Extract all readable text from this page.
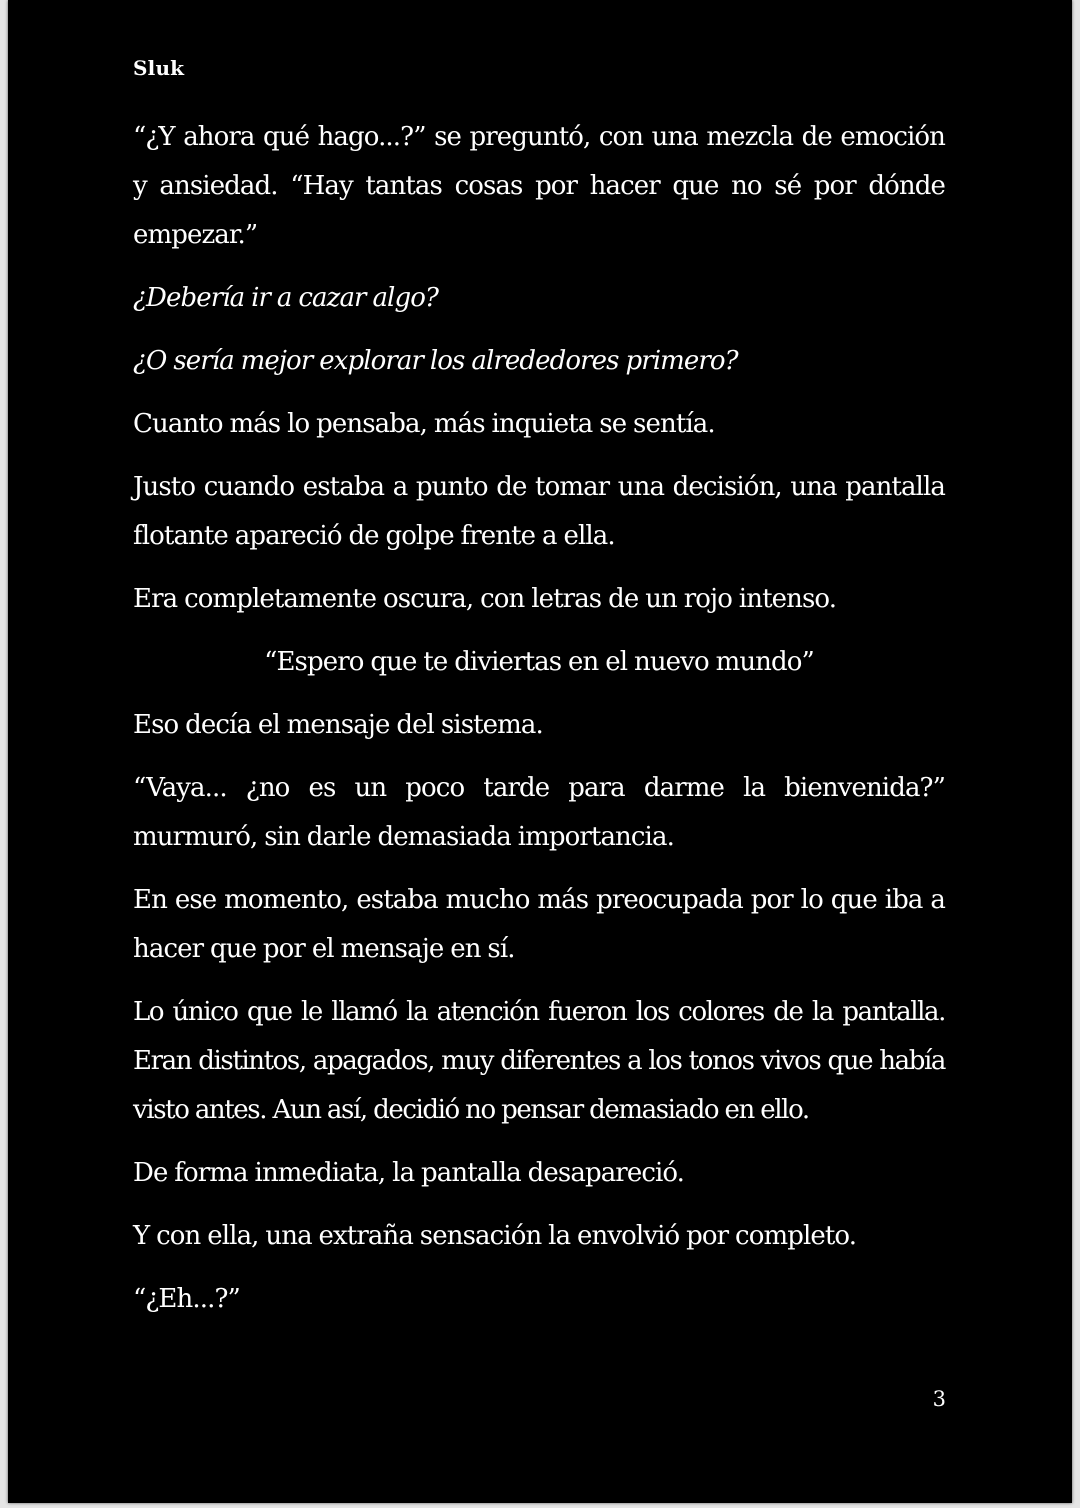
Sluk

“¿Y ahora qué hago...?” se preguntó, con una mezcla de emoción y ansiedad. “Hay tantas cosas por hacer que no sé por dónde empezar.”

¿Debería ir a cazar algo?

¿O sería mejor explorar los alrededores primero?

Cuanto más lo pensaba, más inquieta se sentía.

Justo cuando estaba a punto de tomar una decisión, una pantalla flotante apareció de golpe frente a ella.

Era completamente oscura, con letras de un rojo intenso.

“Espero que te diviertas en el nuevo mundo”

Eso decía el mensaje del sistema.

“Vaya... ¿no es un poco tarde para darme la bienvenida?” murmuró, sin darle demasiada importancia.

En ese momento, estaba mucho más preocupada por lo que iba a hacer que por el mensaje en sí.

Lo único que le llamó la atención fueron los colores de la pantalla. Eran distintos, apagados, muy diferentes a los tonos vivos que había visto antes. Aun así, decidió no pensar demasiado en ello.

De forma inmediata, la pantalla desapareció.

Y con ella, una extraña sensación la envolvió por completo.

“¿Eh...?”

3
